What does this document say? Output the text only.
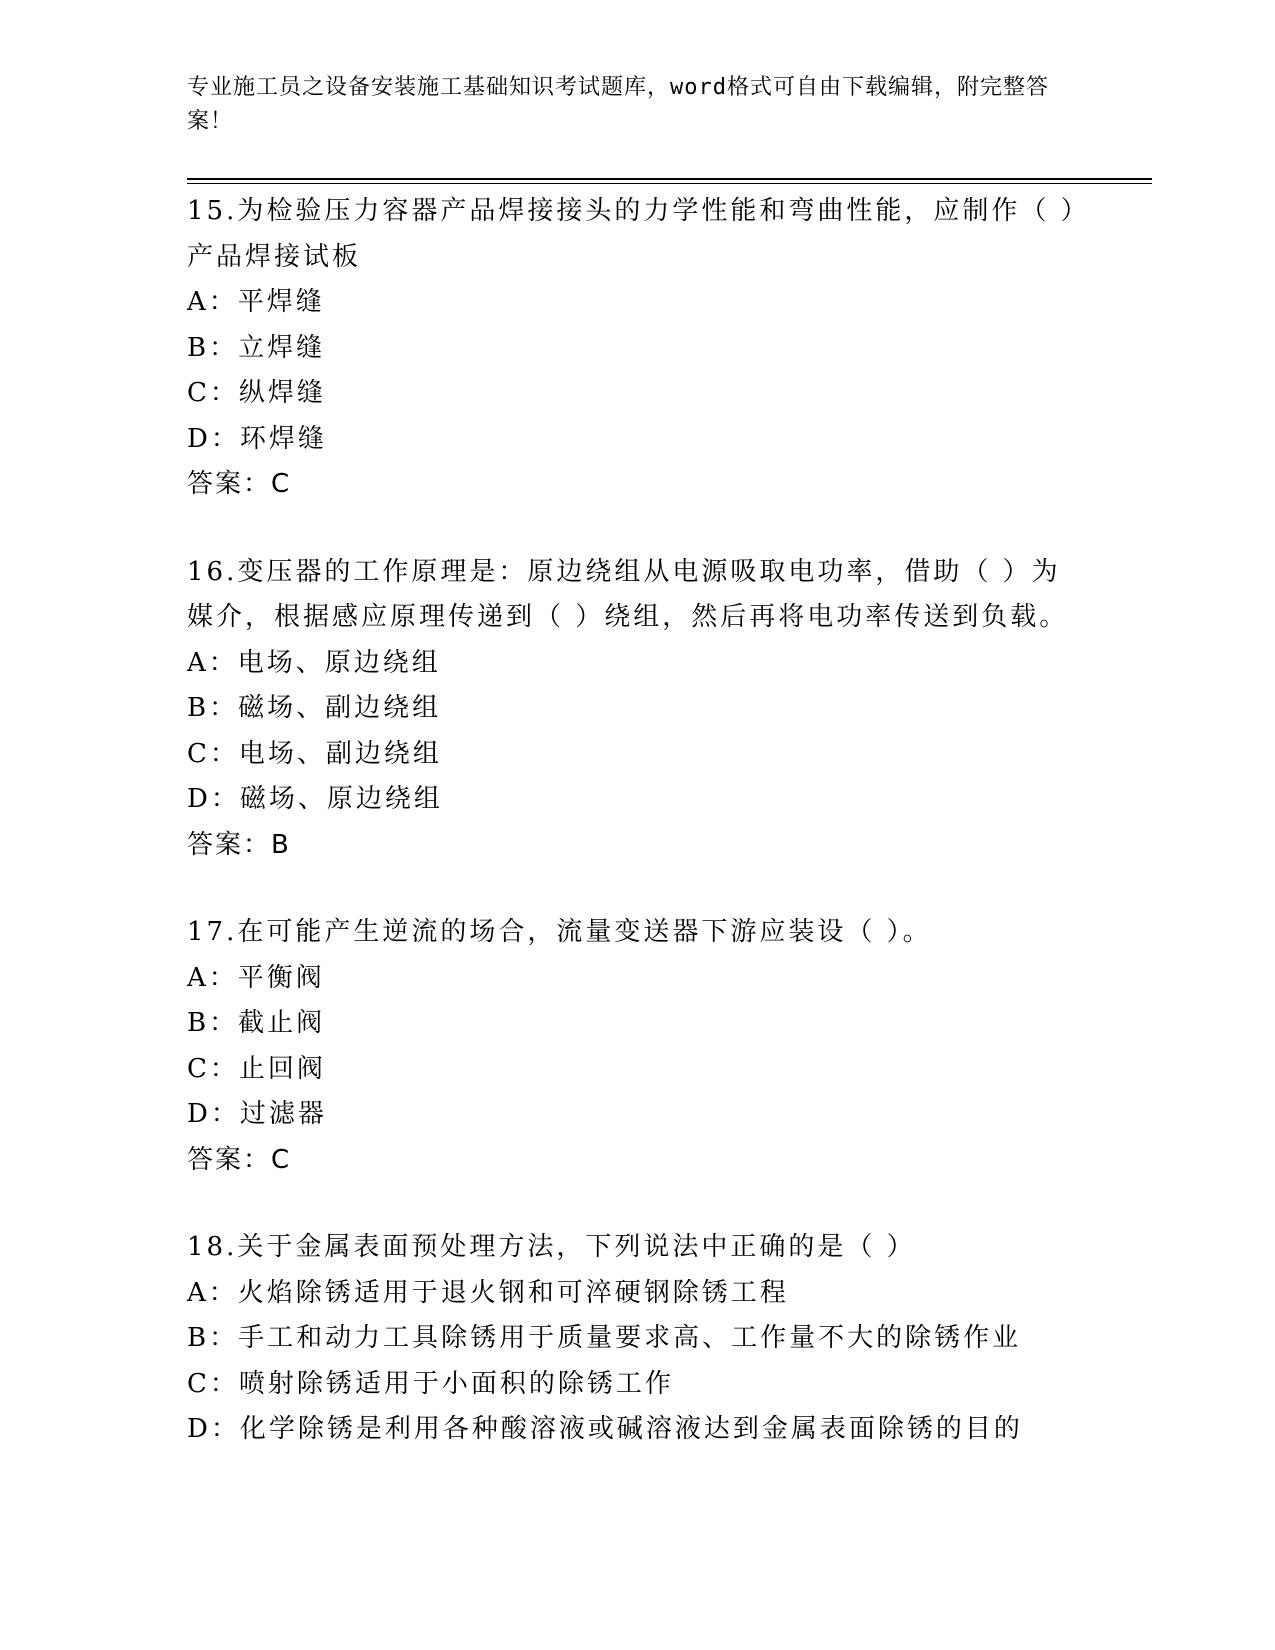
专业施工员之设备安装施工基础知识考试题库，word格式可自由下载编辑，附完整答案！
15.为检验压力容器产品焊接接头的力学性能和弯曲性能，应制作（ ）产品焊接试板
A：平焊缝
B：立焊缝
C：纵焊缝
D：环焊缝
答案：C
16.变压器的工作原理是：原边绕组从电源吸取电功率，借助（ ）为媒介，根据感应原理传递到（ ）绕组，然后再将电功率传送到负载。
A：电场、原边绕组
B：磁场、副边绕组
C：电场、副边绕组
D：磁场、原边绕组
答案：B
17.在可能产生逆流的场合，流量变送器下游应装设（ ）。
A：平衡阀
B：截止阀
C：止回阀
D：过滤器
答案：C
18.关于金属表面预处理方法，下列说法中正确的是（ ）
A：火焰除锈适用于退火钢和可淬硬钢除锈工程
B：手工和动力工具除锈用于质量要求高、工作量不大的除锈作业
C：喷射除锈适用于小面积的除锈工作
D：化学除锈是利用各种酸溶液或碱溶液达到金属表面除锈的目的
